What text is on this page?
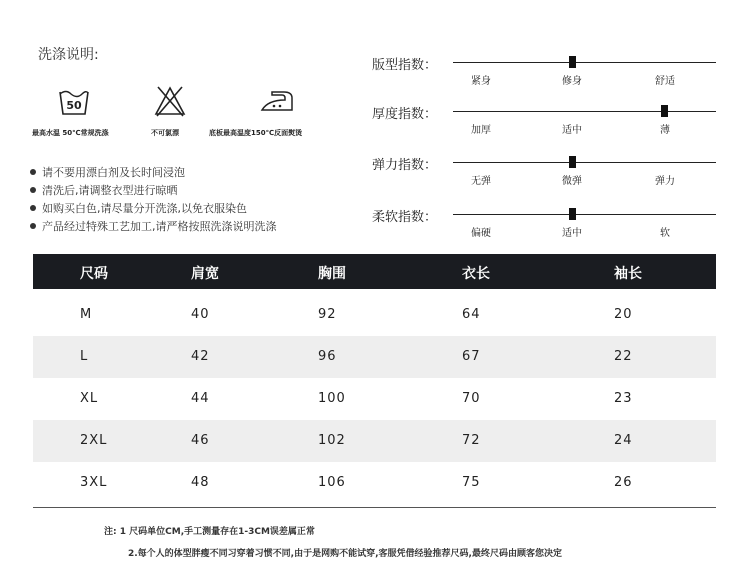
洗涤说明:
50
最高水温 50℃常规洗涤	不可氯漂	底板最高温度150℃反面熨烫
请不要用漂白剂及长时间浸泡
清洗后,请调整衣型进行晾晒
如购买白色,请尽量分开洗涤,以免衣服染色
产品经过特殊工艺加工,请严格按照洗涤说明洗涤
版型指数：
紧身	修身	舒适
厚度指数：
加厚	适中	薄
弹力指数：
无弹	微弹	弹力
柔软指数：
偏硬	适中	软
尺码	肩宽	胸围	衣长	袖长
M	40	92	64	20
L	42	96	67	22
XL	44	100	70	23
2XL	46	102	72	24
3XL	48	106	75	26
注: 1 尺码单位CM,手工测量存在1-3CM误差属正常
2.每个人的体型胖瘦不同习穿着习惯不同,由于是网购不能试穿,客服凭借经验推荐尺码,最终尺码由顾客您决定
